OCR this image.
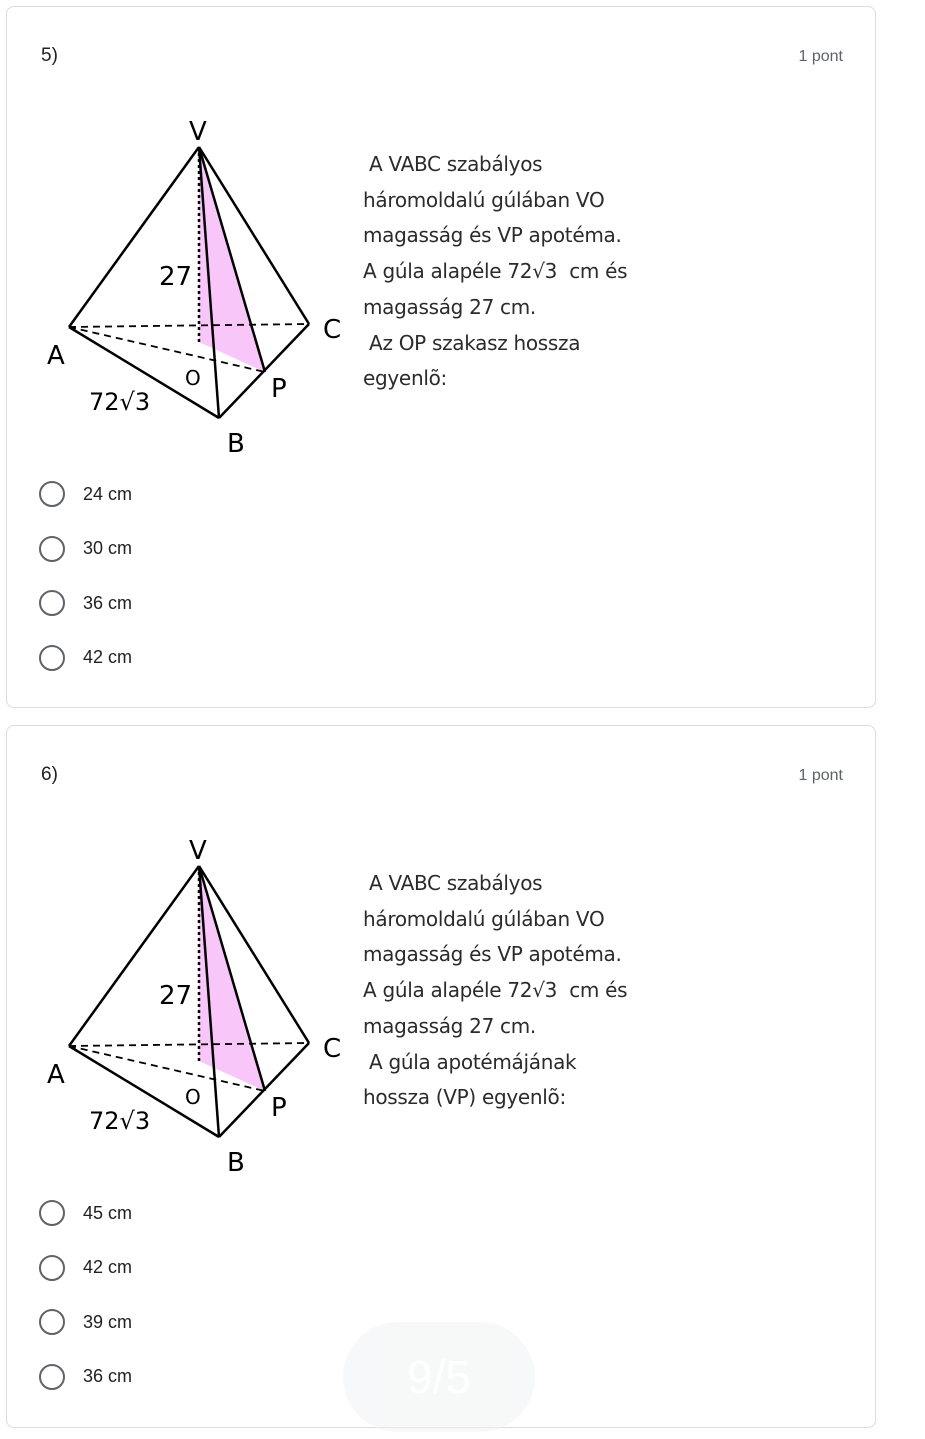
5)	1 pont
V
A
B
C
O	P
27
72√3
A VABC szabályos
háromoldalú gúlában VO
magasság és VP apotéma.
A gúla alapéle 72√3  cm és
magasság 27 cm.
Az OP szakasz hossza
egyenlõ:
24 cm
30 cm
36 cm
42 cm
6)	1 pont
V
A
B
C
O	P
27
72√3
A VABC szabályos
háromoldalú gúlában VO
magasság és VP apotéma.
A gúla alapéle 72√3  cm és
magasság 27 cm.
A gúla apotémájának
hossza (VP) egyenlõ:
45 cm
42 cm
39 cm
36 cm	9/5
